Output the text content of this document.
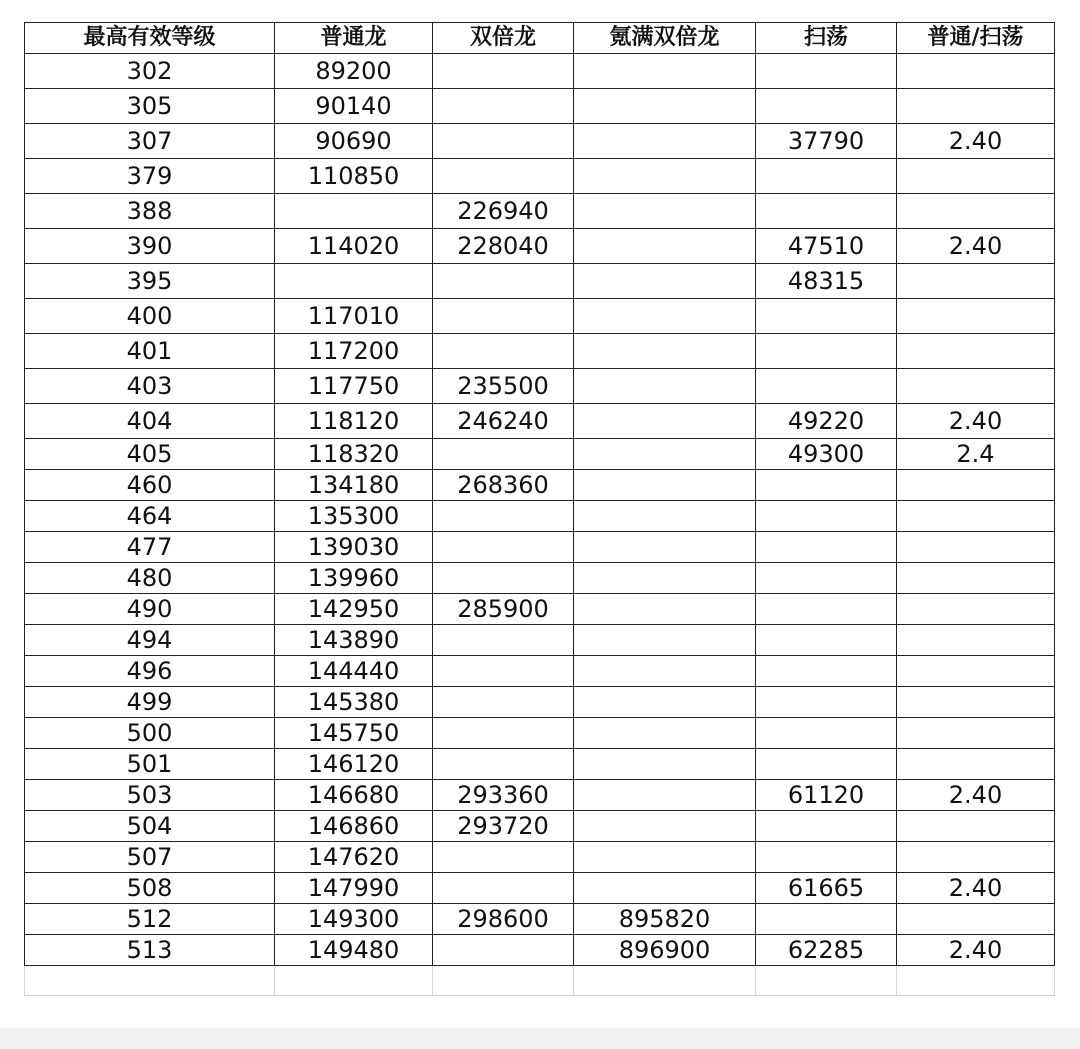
最高有效等级	普通龙	双倍龙	氪满双倍龙	扫荡	普通/扫荡
302	89200				
305	90140				
307	90690			37790	2.40
379	110850				
388		226940			
390	114020	228040		47510	2.40
395				48315	
400	117010				
401	117200				
403	117750	235500			
404	118120	246240		49220	2.40
405	118320			49300	2.4
460	134180	268360			
464	135300				
477	139030				
480	139960				
490	142950	285900			
494	143890				
496	144440				
499	145380				
500	145750				
501	146120				
503	146680	293360		61120	2.40
504	146860	293720			
507	147620				
508	147990			61665	2.40
512	149300	298600	895820		
513	149480		896900	62285	2.40
